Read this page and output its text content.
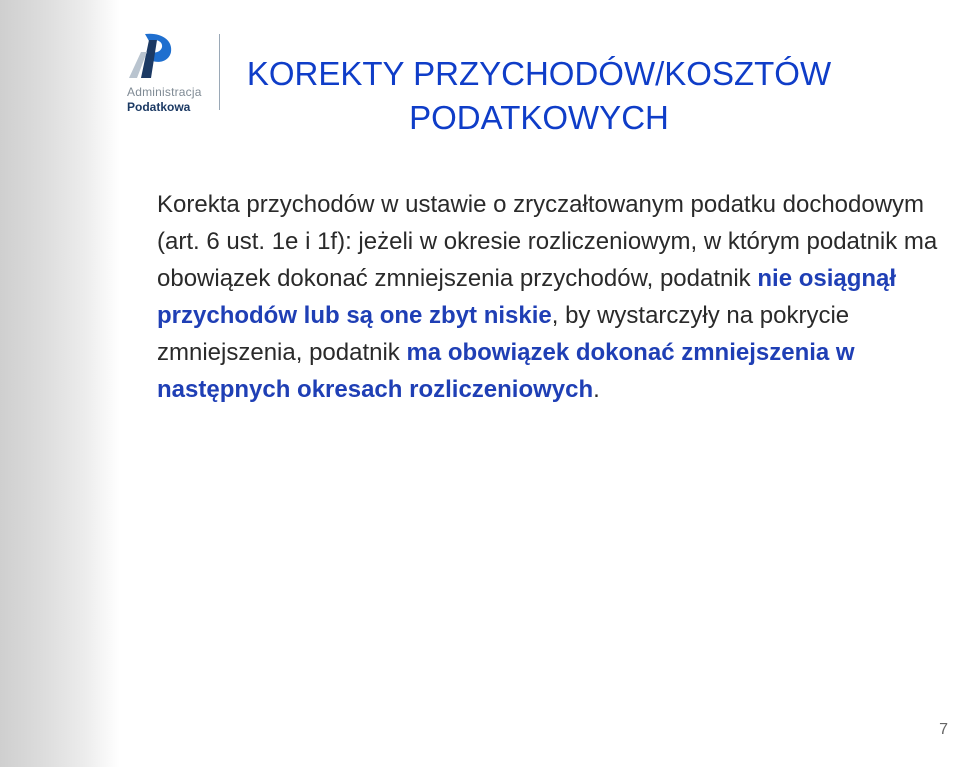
Administracja
Podatkowa
KOREKTY PRZYCHODÓW/KOSZTÓW
PODATKOWYCH

Korekta przychodów w ustawie o zryczałtowanym podatku dochodowym (art. 6 ust. 1e i 1f): jeżeli w okresie rozliczeniowym, w którym podatnik ma obowiązek dokonać zmniejszenia przychodów, podatnik nie osiągnął przychodów lub są one zbyt niskie, by wystarczyły na pokrycie zmniejszenia, podatnik ma obowiązek dokonać zmniejszenia w następnych okresach rozliczeniowych.

7
